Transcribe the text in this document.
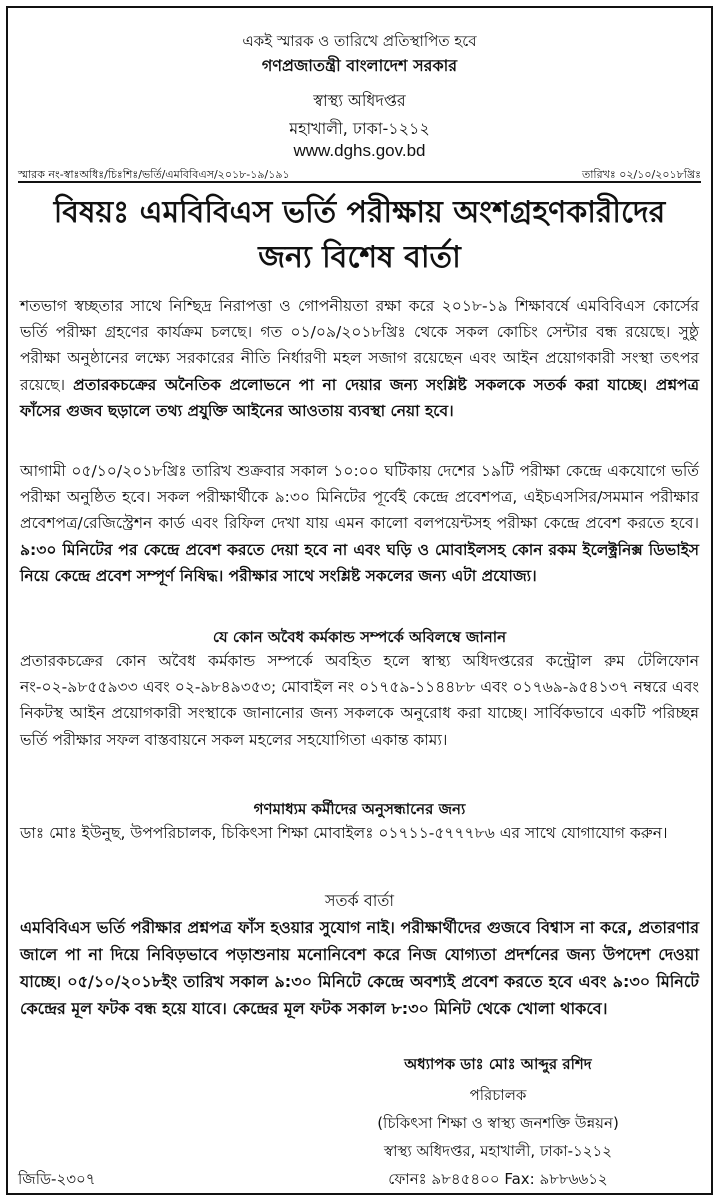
একই স্মারক ও তারিখে প্রতিস্থাপিত হবে
গণপ্রজাতন্ত্রী বাংলাদেশ সরকার
স্বাস্থ্য অধিদপ্তর
মহাখালী, ঢাকা-১২১২
www.dghs.gov.bd
স্মারক নং-স্বাঃঅধিঃ/চিঃশিঃ/ভর্তি/এমবিবিএস/২০১৮-১৯/১৯১	তারিখঃ ০২/১০/২০১৮খ্রিঃ
বিষয়ঃ এমবিবিএস ভর্তি পরীক্ষায় অংশগ্রহণকারীদের
জন্য বিশেষ বার্তা
শতভাগ স্বচ্ছতার সাথে নিশ্ছিদ্র নিরাপত্তা ও গোপনীয়তা রক্ষা করে ২০১৮-১৯ শিক্ষাবর্ষে এমবিবিএস কোর্সের ভর্তি পরীক্ষা গ্রহণের কার্যক্রম চলছে। গত ০১/০৯/২০১৮খ্রিঃ থেকে সকল কোচিং সেন্টার বন্ধ রয়েছে। সুষ্ঠু পরীক্ষা অনুষ্ঠানের লক্ষ্যে সরকারের নীতি নির্ধারণী মহল সজাগ রয়েছেন এবং আইন প্রয়োগকারী সংস্থা তৎপর রয়েছে। প্রতারকচক্রের অনৈতিক প্রলোভনে পা না দেয়ার জন্য সংশ্লিষ্ট সকলকে সতর্ক করা যাচ্ছে। প্রশ্নপত্র ফাঁসের গুজব ছড়ালে তথ্য প্রযুক্তি আইনের আওতায় ব্যবস্থা নেয়া হবে।
আগামী ০৫/১০/২০১৮খ্রিঃ তারিখ শুক্রবার সকাল ১০:০০ ঘটিকায় দেশের ১৯টি পরীক্ষা কেন্দ্রে একযোগে ভর্তি পরীক্ষা অনুষ্ঠিত হবে। সকল পরীক্ষার্থীকে ৯:৩০ মিনিটের পূর্বেই কেন্দ্রে প্রবেশপত্র, এইচএসসির/সমমান পরীক্ষার প্রবেশপত্র/রেজিস্ট্রেশন কার্ড এবং রিফিল দেখা যায় এমন কালো বলপয়েন্টসহ পরীক্ষা কেন্দ্রে প্রবেশ করতে হবে। ৯:৩০ মিনিটের পর কেন্দ্রে প্রবেশ করতে দেয়া হবে না এবং ঘড়ি ও মোবাইলসহ কোন রকম ইলেক্ট্রনিক্স ডিভাইস নিয়ে কেন্দ্রে প্রবেশ সম্পূর্ণ নিষিদ্ধ। পরীক্ষার সাথে সংশ্লিষ্ট সকলের জন্য এটা প্রযোজ্য।
যে কোন অবৈধ কর্মকান্ড সম্পর্কে অবিলম্বে জানান
প্রতারকচক্রের কোন অবৈধ কর্মকান্ড সম্পর্কে অবহিত হলে স্বাস্থ্য অধিদপ্তরের কন্ট্রোল রুম টেলিফোন নং-০২-৯৮৫৫৯৩৩ এবং ০২-৯৮৪৯৩৫৩; মোবাইল নং ০১৭৫৯-১১৪৪৮৮ এবং ০১৭৬৯-৯৫৪১৩৭ নম্বরে এবং নিকটস্থ আইন প্রয়োগকারী সংস্থাকে জানানোর জন্য সকলকে অনুরোধ করা যাচ্ছে। সার্বিকভাবে একটি পরিচ্ছন্ন ভর্তি পরীক্ষার সফল বাস্তবায়নে সকল মহলের সহযোগিতা একান্ত কাম্য।
গণমাধ্যম কর্মীদের অনুসন্ধানের জন্য
ডাঃ মোঃ ইউনুছ, উপপরিচালক, চিকিৎসা শিক্ষা মোবাইলঃ ০১৭১১-৫৭৭৭৮৬ এর সাথে যোগাযোগ করুন।
সতর্ক বার্তা
এমবিবিএস ভর্তি পরীক্ষার প্রশ্নপত্র ফাঁস হওয়ার সুযোগ নাই। পরীক্ষার্থীদের গুজবে বিশ্বাস না করে, প্রতারণার জালে পা না দিয়ে নিবিড়ভাবে পড়াশুনায় মনোনিবেশ করে নিজ যোগ্যতা প্রদর্শনের জন্য উপদেশ দেওয়া যাচ্ছে। ০৫/১০/২০১৮ইং তারিখ সকাল ৯:৩০ মিনিটে কেন্দ্রে অবশ্যই প্রবেশ করতে হবে এবং ৯:৩০ মিনিটে কেন্দ্রের মূল ফটক বন্ধ হয়ে যাবে। কেন্দ্রের মূল ফটক সকাল ৮:৩০ মিনিট থেকে খোলা থাকবে।
অধ্যাপক ডাঃ মোঃ আব্দুর রশিদ
পরিচালক
(চিকিৎসা শিক্ষা ও স্বাস্থ্য জনশক্তি উন্নয়ন)
স্বাস্থ্য অধিদপ্তর, মহাখালী, ঢাকা-১২১২
ফোনঃ ৯৮৪৫৪০০ Fax: ৯৮৮৬৬১২
জিডি-২৩০৭
